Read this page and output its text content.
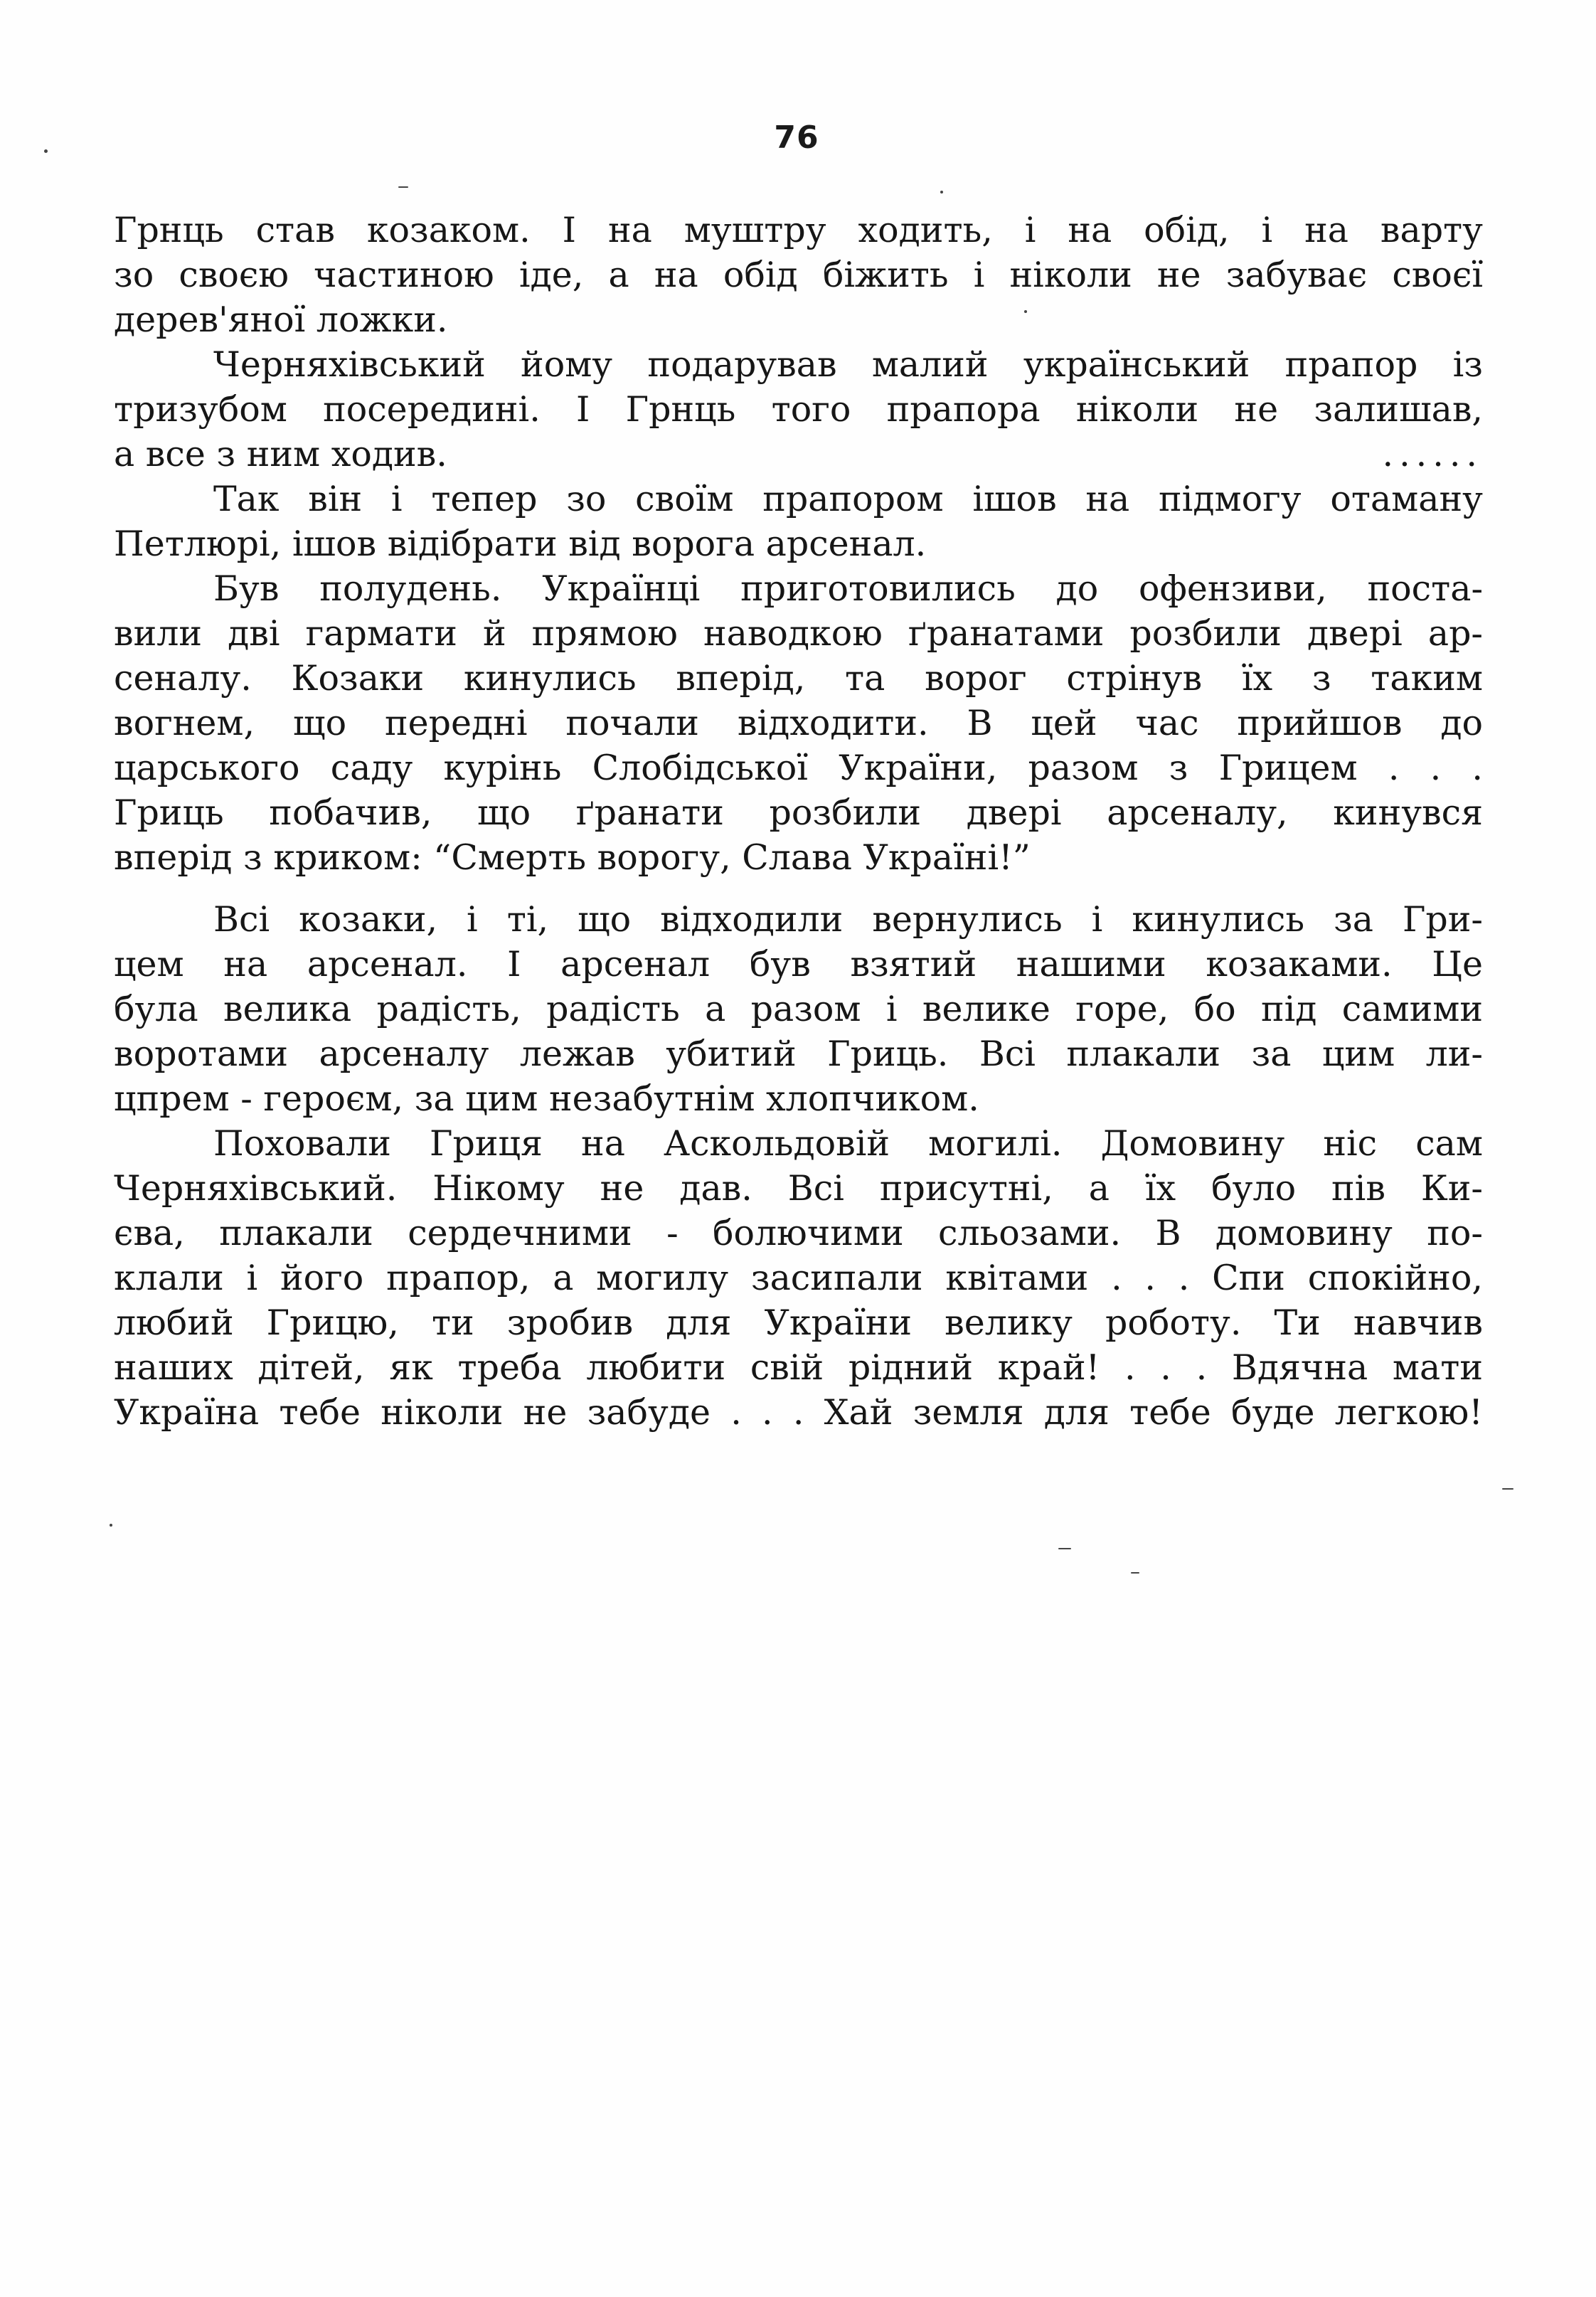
76
Грнць став козаком. І на муштру ходить, і на обід, і на варту
зо своєю частиною іде, а на обід біжить і ніколи не забуває своєї
дерев'яної ложки.
Черняхівський йому подарував малий український прапор із
тризубом посередині. І Грнць того прапора ніколи не залишав,
а все з ним ходив.	......
Так він і тепер зо своїм прапором ішов на підмогу отаману
Петлюрі, ішов відібрати від ворога арсенал.
Був полудень. Українці приготовились до офензиви, поста-
вили дві гармати й прямою наводкою ґранатами розбили двері ар-
сеналу. Козаки кинулись вперід, та ворог стрінув їх з таким
вогнем, що передні почали відходити. В цей час прийшов до
царського саду курінь Слобідської України, разом з Грицем . . .
Гриць побачив, що ґранати розбили двері арсеналу, кинувся
вперід з криком: “Смерть ворогу, Слава Україні!”
Всі козаки, і ті, що відходили вернулись і кинулись за Гри-
цем на арсенал. І арсенал був взятий нашими козаками. Це
була велика радість, радість а разом і велике горе, бо під самими
воротами арсеналу лежав убитий Гриць. Всі плакали за цим ли-
цпрем - героєм, за цим незабутнім хлопчиком.
Поховали Гриця на Аскольдовій могилі. Домовину ніс сам
Черняхівський. Нікому не дав. Всі присутні, а їх було пів Ки-
єва, плакали сердечними - болючими сльозами. В домовину по-
клали і його прапор, а могилу засипали квітами . . . Спи спокійно,
любий Грицю, ти зробив для України велику роботу. Ти навчив
наших дітей, як треба любити свій рідний край! . . . Вдячна мати
Україна тебе ніколи не забуде . . . Хай земля для тебе буде легкою!
